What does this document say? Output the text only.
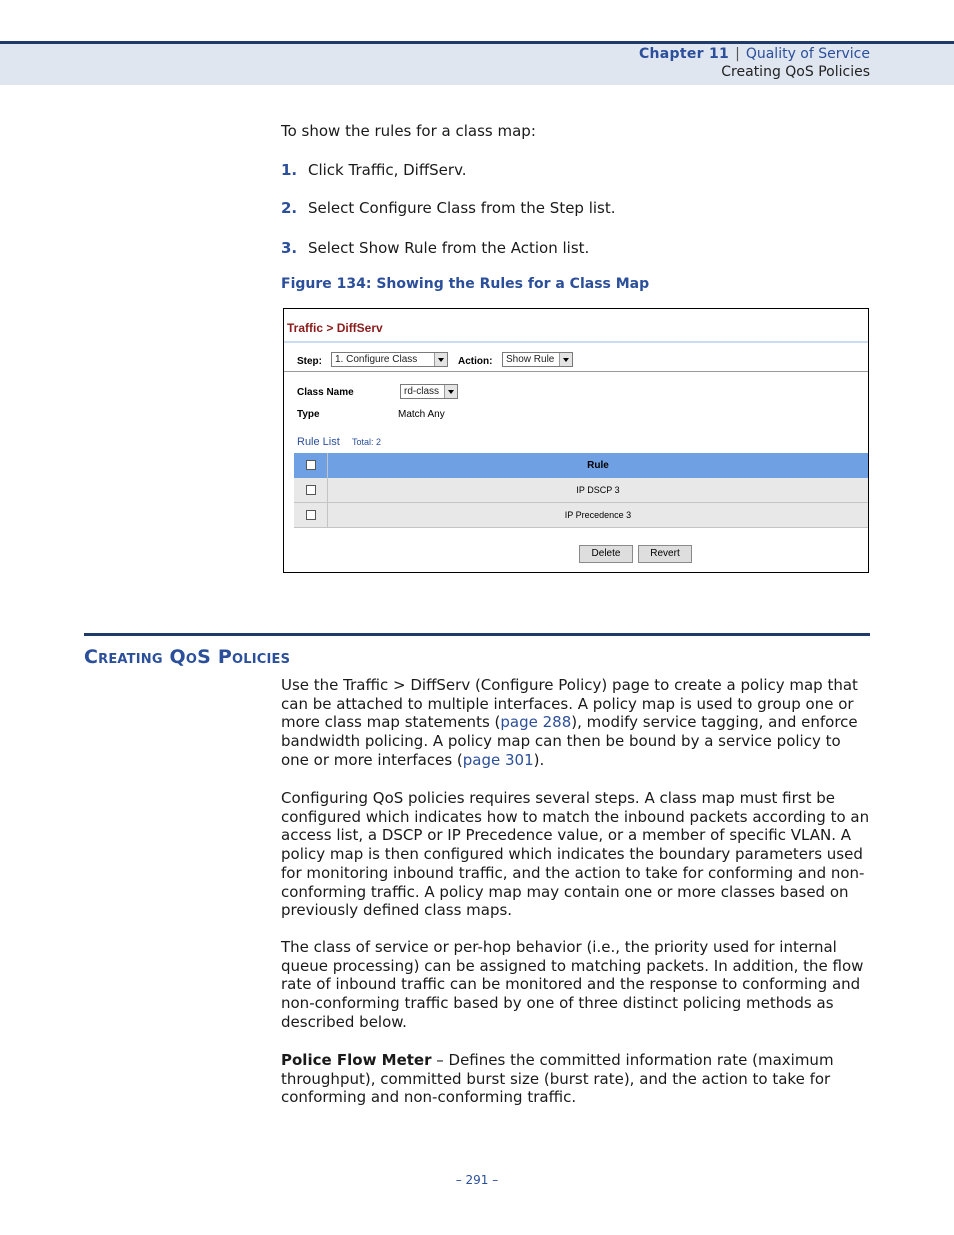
Chapter 11 | Quality of Service
Creating QoS Policies
To show the rules for a class map:
1. Click Traffic, DiffServ.
2. Select Configure Class from the Step list.
3. Select Show Rule from the Action list.
Figure 134: Showing the Rules for a Class Map
Traffic > DiffServ
Step:	1. Configure Class	Action:	Show Rule
Class Name	rd-class
Type	Match Any
Rule List Total: 2
Rule
IP DSCP 3
IP Precedence 3
Delete	Revert
Creating QoS Policies
Use the Traffic > DiffServ (Configure Policy) page to create a policy map that can be attached to multiple interfaces. A policy map is used to group one or more class map statements (page 288), modify service tagging, and enforce bandwidth policing. A policy map can then be bound by a service policy to one or more interfaces (page 301).
Configuring QoS policies requires several steps. A class map must first be configured which indicates how to match the inbound packets according to an access list, a DSCP or IP Precedence value, or a member of specific VLAN. A policy map is then configured which indicates the boundary parameters used for monitoring inbound traffic, and the action to take for conforming and non-conforming traffic. A policy map may contain one or more classes based on previously defined class maps.
The class of service or per-hop behavior (i.e., the priority used for internal queue processing) can be assigned to matching packets. In addition, the flow rate of inbound traffic can be monitored and the response to conforming and non-conforming traffic based by one of three distinct policing methods as described below.
Police Flow Meter – Defines the committed information rate (maximum throughput), committed burst size (burst rate), and the action to take for conforming and non-conforming traffic.
– 291 –
